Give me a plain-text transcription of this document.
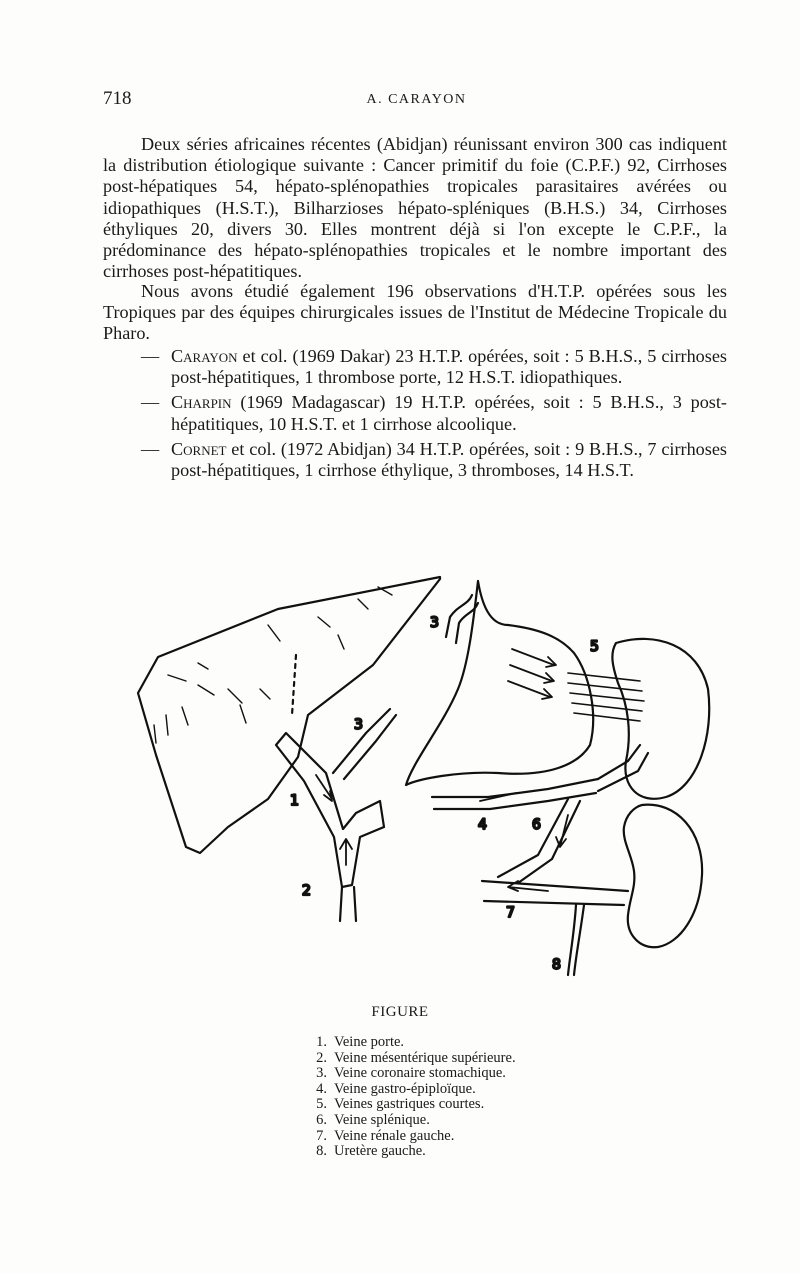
718	A. CARAYON

Deux séries africaines récentes (Abidjan) réunissant environ 300 cas indiquent la distribution étiologique suivante : Cancer primitif du foie (C.P.F.) 92, Cirrhoses post-hépatiques 54, hépato-splénopathies tropicales parasitaires avérées ou idiopathiques (H.S.T.), Bilharzioses hépato-spléniques (B.H.S.) 34, Cirrhoses éthyliques 20, divers 30. Elles montrent déjà si l'on excepte le C.P.F., la prédominance des hépato-splénopathies tropicales et le nombre important des cirrhoses post-hépatitiques.

Nous avons étudié également 196 observations d'H.T.P. opérées sous les Tropiques par des équipes chirurgicales issues de l'Institut de Médecine Tropicale du Pharo.

— Carayon et col. (1969 Dakar) 23 H.T.P. opérées, soit : 5 B.H.S., 5 cirrhoses post-hépatitiques, 1 thrombose porte, 12 H.S.T. idiopathiques.
— Charpin (1969 Madagascar) 19 H.T.P. opérées, soit : 5 B.H.S., 3 post-hépatitiques, 10 H.S.T. et 1 cirrhose alcoolique.
— Cornet et col. (1972 Abidjan) 34 H.T.P. opérées, soit : 9 B.H.S., 7 cirrhoses post-hépatitiques, 1 cirrhose éthylique, 3 thromboses, 14 H.S.T.
1
2
3
3
4
5
6
7
8
FIGURE
1. Veine porte.
2. Veine mésentérique supérieure.
3. Veine coronaire stomachique.
4. Veine gastro-épiploïque.
5. Veines gastriques courtes.
6. Veine splénique.
7. Veine rénale gauche.
8. Uretère gauche.
